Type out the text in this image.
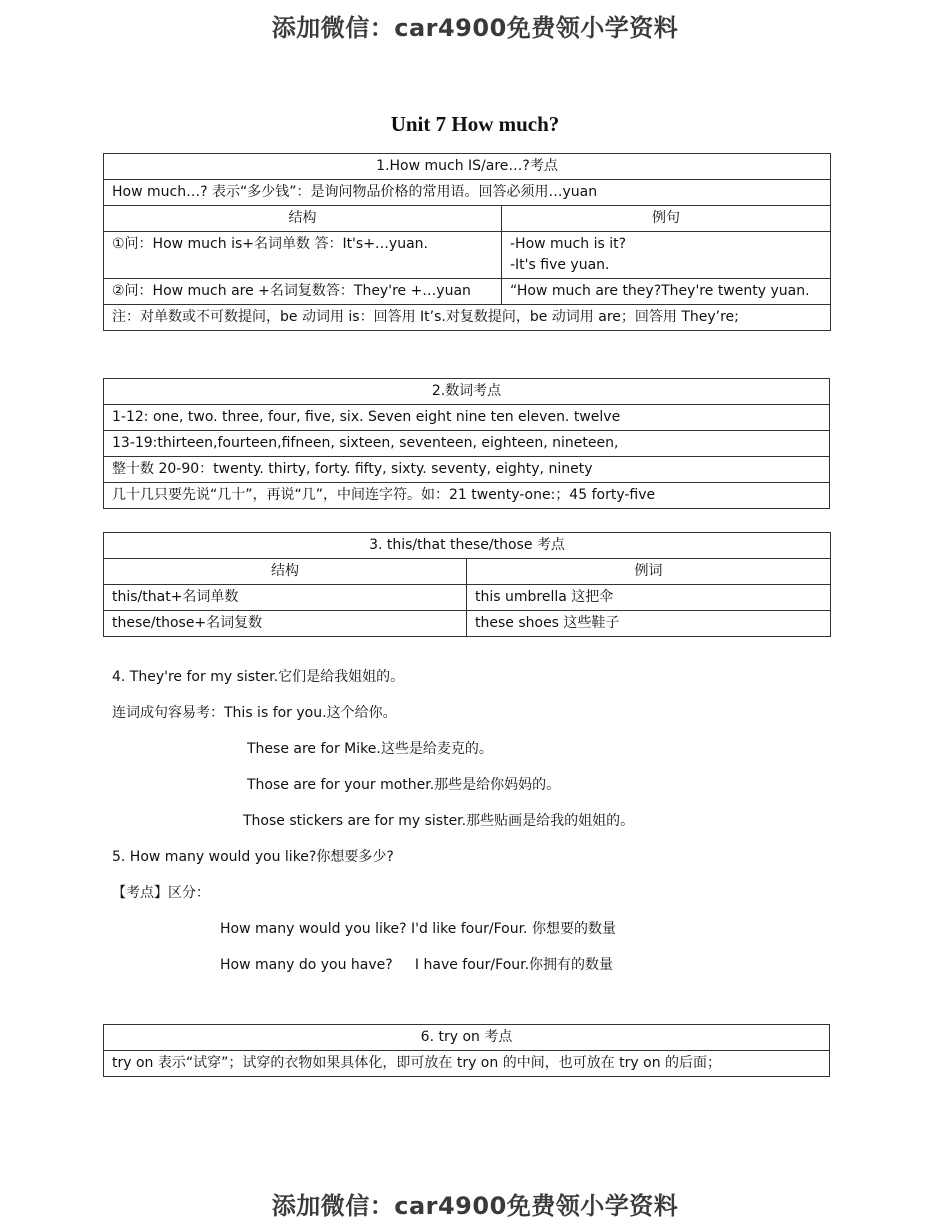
添加微信：car4900免费领小学资料
Unit 7 How much?
1.How much IS/are…?考点	
How much…? 表示“多少钱”：是询问物品价格的常用语。回答必须用…yuan	
结构	例句
①问：How much is+名词单数 答：It's+…yuan.	-How much is it?
-It's five yuan.

②问：How much are +名词复数答：They're +…yuan	“How much are they?They're twenty yuan.
注：对单数或不可数提问，be 动词用 is：回答用 It’s.对复数提问，be 动词用 are；回答用 They’re;	
2.数词考点
1-12: one, two. three, four, five, six. Seven eight nine ten eleven. twelve
13-19:thirteen,fourteen,fifneen, sixteen, seventeen, eighteen, nineteen,
整十数 20-90：twenty. thirty, forty. fifty, sixty. seventy, eighty, ninety
几十几只要先说“几十”，再说“几”，中间连字符。如：21 twenty-one:；45 forty-five
3. this/that these/those 考点	
结构	例词
this/that+名词单数	this umbrella 这把伞
these/those+名词复数	these shoes 这些鞋子
4. They're for my sister.它们是给我姐姐的。
连词成句容易考：This is for you.这个给你。
These are for Mike.这些是给麦克的。
Those are for your mother.那些是给你妈妈的。
Those stickers are for my sister.那些贴画是给我的姐姐的。
5. How many would you like?你想要多少?
【考点】区分：
How many would you like? I'd like four/Four. 你想要的数量
How many do you have?     I have four/Four.你拥有的数量
6. try on 考点
try on 表示“试穿”；试穿的衣物如果具体化，即可放在 try on 的中间，也可放在 try on 的后面；
添加微信：car4900免费领小学资料
